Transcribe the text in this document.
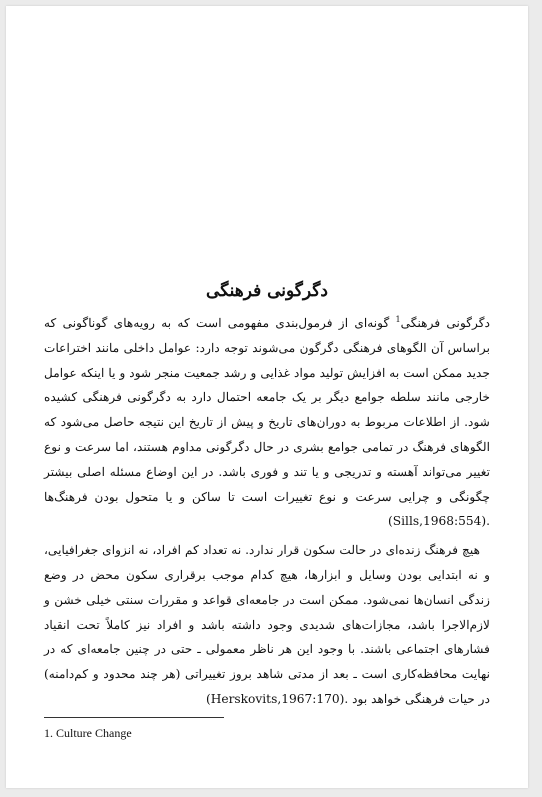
دگرگونی فرهنگی

دگرگونی فرهنگی$^1$ گونه‌ای از فرمول‌بندی مفهومی است که به رویه‌های گوناگونی که براساس آن الگوهای فرهنگی دگرگون می‌شوند توجه دارد: عوامل داخلی مانند اختراعات جدید ممکن است به افزایش تولید مواد غذایی و رشد جمعیت منجر شود و یا اینکه عوامل خارجی مانند سلطه جوامع دیگر بر یک جامعه احتمال دارد به دگرگونی فرهنگی کشیده شود. از اطلاعات مربوط به دوران‌های تاریخ و پیش از تاریخ این نتیجه حاصل می‌شود که الگوهای فرهنگ در تمامی جوامع بشری در حال دگرگونی مداوم هستند، اما سرعت و نوع تغییر می‌تواند آهسته و تدریجی و یا تند و فوری باشد. در این اوضاع مسئله اصلی بیشتر چگونگی و چرایی سرعت و نوع تغییرات است تا ساکن و یا متحول بودن فرهنگ‌ها (Sills,1968:554).

هیچ فرهنگ زنده‌ای در حالت سکون قرار ندارد. نه تعداد کم افراد، نه انزوای جغرافیایی، و نه ابتدایی بودن وسایل و ابزارها، هیچ کدام موجب برقراری سکون محض در وضع زندگی انسان‌ها نمی‌شود. ممکن است در جامعه‌ای قواعد و مقررات سنتی خیلی خشن و لازم‌الاجرا باشد، مجازات‌های شدیدی وجود داشته باشد و افراد نیز کاملاً تحت انقیاد فشارهای اجتماعی باشند. با وجود این هر ناظر معمولی ـ حتی در چنین جامعه‌ای که در نهایت محافظه‌کاری است ـ بعد از مدتی شاهد بروز تغییراتی (هر چند محدود و کم‌دامنه) در حیات فرهنگی خواهد بود (Herskovits,1967:170).

1. Culture Change
